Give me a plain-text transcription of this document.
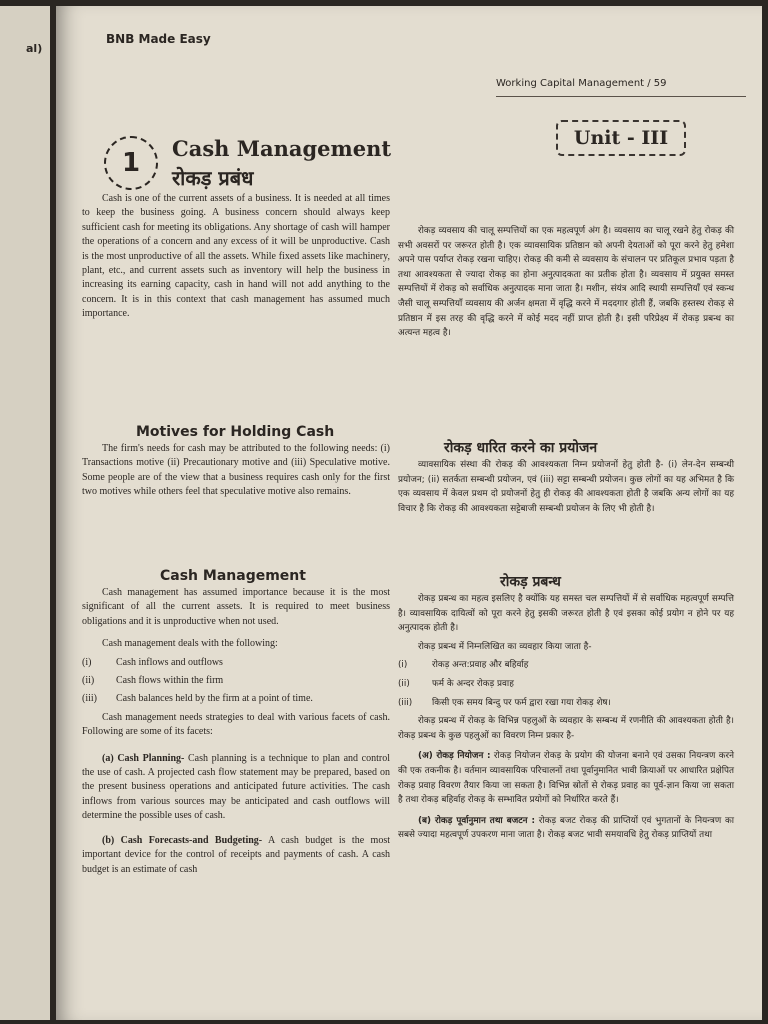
al)
BNB Made Easy
Working Capital Management / 59
Unit - III
1	Cash Management
रोकड़ प्रबंध

Cash is one of the current assets of a business. It is needed at all times to keep the business going. A business concern should always keep sufficient cash for meeting its obligations. Any shortage of cash will hamper the operations of a concern and any excess of it will be unproductive. Cash is the most unproductive of all the assets. While fixed assets like machinery, plant, etc., and current assets such as inventory will help the business in increasing its earning capacity, cash in hand will not add anything to the concern. It is in this context that cash management has assumed much importance.

Motives for Holding Cash

The firm's needs for cash may be attributed to the following needs: (i) Transactions motive (ii) Precautionary motive and (iii) Speculative motive. Some people are of the view that a business requires cash only for the first two motives while others feel that speculative motive also remains.

Cash Management

Cash management has assumed importance because it is the most significant of all the current assets. It is required to meet business obligations and it is unproductive when not used.

Cash management deals with the following:

(i) Cash inflows and outflows
(ii) Cash flows within the firm
(iii) Cash balances held by the firm at a point of time.

Cash management needs strategies to deal with various facets of cash. Following are some of its facets:

(a) Cash Planning- Cash planning is a technique to plan and control the use of cash. A projected cash flow statement may be prepared, based on the present business operations and anticipated future activities. The cash inflows from various sources may be anticipated and cash outflows will determine the possible uses of cash.

(b) Cash Forecasts-and Budgeting- A cash budget is the most important device for the control of receipts and payments of cash. A cash budget is an estimate of cash

रोकड़ व्यवसाय की चालू सम्पत्तियों का एक महत्वपूर्ण अंग है। व्यवसाय का चालू रखने हेतु रोकड़ की सभी अवसरों पर जरूरत होती है। एक व्यावसायिक प्रतिष्ठान को अपनी देयताओं को पूरा करने हेतु हमेशा अपने पास पर्याप्त रोकड़ रखना चाहिए। रोकड़ की कमी से व्यवसाय के संचालन पर प्रतिकूल प्रभाव पड़ता है तथा आवश्यकता से ज्यादा रोकड़ का होना अनुत्पादकता का प्रतीक होता है। व्यवसाय में प्रयुक्त समस्त सम्पत्तियों में रोकड़ को सर्वाधिक अनुत्पादक माना जाता है। मशीन, संयंत्र आदि स्थायी सम्पत्तियाँ एवं स्कन्ध जैसी चालू सम्पत्तियाँ व्यवसाय की अर्जन क्षमता में वृद्धि करने में मददगार होती हैं, जबकि हस्तस्थ रोकड़ से प्रतिष्ठान में इस तरह की वृद्धि करने में कोई मदद नहीं प्राप्त होती है। इसी परिप्रेक्ष्य में रोकड़ प्रबन्ध का अत्यन्त महत्व है।

रोकड़ धारित करने का प्रयोजन

व्यावसायिक संस्था की रोकड़ की आवश्यकता निम्न प्रयोजनों हेतु होती है- (i) लेन-देन सम्बन्धी प्रयोजन; (ii) सतर्कता सम्बन्धी प्रयोजन, एवं (iii) सट्टा सम्बन्धी प्रयोजन। कुछ लोगों का यह अभिमत है कि एक व्यवसाय में केवल प्रथम दो प्रयोजनों हेतु ही रोकड़ की आवश्यकता होती है जबकि अन्य लोगों का यह विचार है कि रोकड़ की आवश्यकता सट्टेबाजी सम्बन्धी प्रयोजन के लिए भी होती है।

रोकड़ प्रबन्ध

रोकड़ प्रबन्ध का महत्व इसलिए है क्योंकि यह समस्त चल सम्पत्तियों में से सर्वाधिक महत्वपूर्ण सम्पत्ति है। व्यावसायिक दायित्वों को पूरा करने हेतु इसकी जरूरत होती है एवं इसका कोई प्रयोग न होने पर यह अनुत्पादक होती है।

रोकड़ प्रबन्ध में निम्नलिखित का व्यवहार किया जाता है-

(i)	रोकड़ अन्त:प्रवाह और बहिर्वाह
(ii)	फर्म के अन्दर रोकड़ प्रवाह
(iii) किसी एक समय बिन्दु पर फर्म द्वारा रखा गया रोकड़ शेष।

रोकड़ प्रबन्ध में रोकड़ के विभिन्न पहलुओं के व्यवहार के सम्बन्ध में रणनीति की आवश्यकता होती है। रोकड़ प्रबन्ध के कुछ पहलुओं का विवरण निम्न प्रकार है-

(अ) रोकड़ नियोजन : रोकड़ नियोजन रोकड़ के प्रयोग की योजना बनाने एवं उसका नियन्त्रण करने की एक तकनीक है। वर्तमान व्यावसायिक परिचालनों तथा पूर्वानुमानित भावी क्रियाओं पर आधारित प्रक्षेपित रोकड़ प्रवाह विवरण तैयार किया जा सकता है। विभिन्न स्रोतों से रोकड़ प्रवाह का पूर्व-ज्ञान किया जा सकता है तथा रोकड़ बहिर्वाह रोकड़ के सम्भावित प्रयोगों को निर्धारित करते हैं।

(ब) रोकड़ पूर्वानुमान तथा बजटन : रोकड़ बजट रोकड़ की प्राप्तियों एवं भुगतानों के नियन्त्रण का सबसे ज्यादा महत्वपूर्ण उपकरण माना जाता है। रोकड़ बजट भावी समयावधि हेतु रोकड़ प्राप्तियों तथा
